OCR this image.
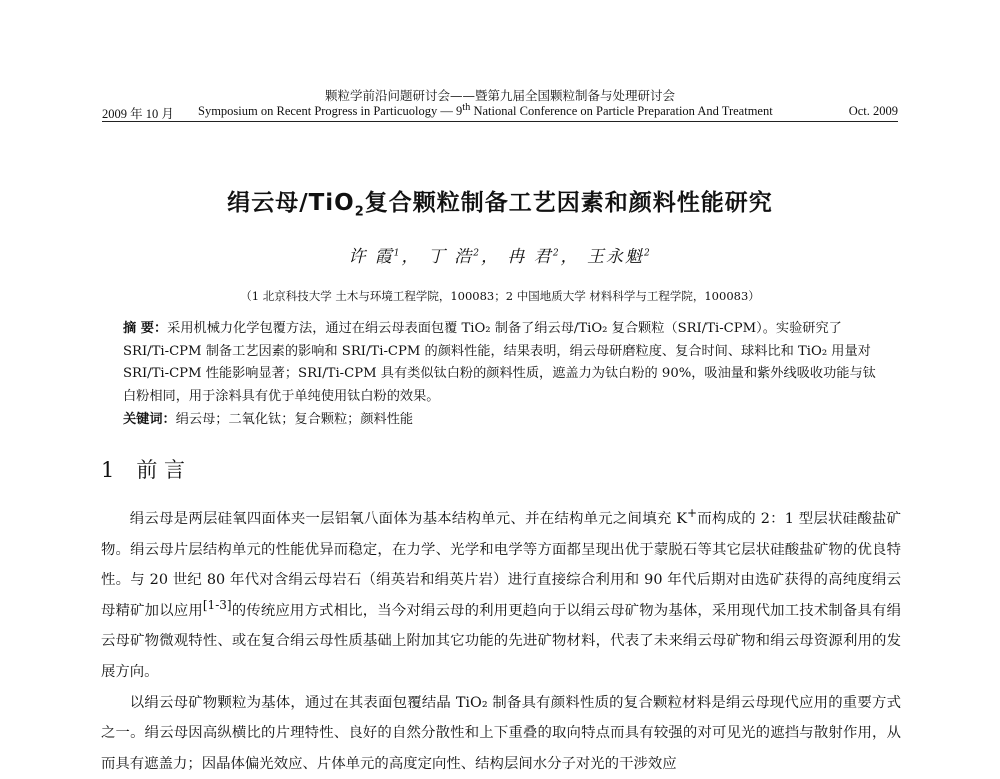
颗粒学前沿问题研讨会——暨第九届全国颗粒制备与处理研讨会
2009 年 10 月 Symposium on Recent Progress in Particuology — 9th National Conference on Particle Preparation And Treatment	Oct. 2009
绢云母/TiO$_2$复合颗粒制备工艺因素和颜料性能研究
许 霞$^1$， 丁 浩$^2$， 冉 君$^2$， 王永魁$^2$
（1 北京科技大学 土木与环境工程学院，100083；2 中国地质大学 材料科学与工程学院，100083）
摘 要：采用机械力化学包覆方法，通过在绢云母表面包覆 TiO₂ 制备了绢云母/TiO₂ 复合颗粒（SRI/Ti-CPM）。实验研究了 SRI/Ti-CPM 制备工艺因素的影响和 SRI/Ti-CPM 的颜料性能，结果表明，绢云母研磨粒度、复合时间、球料比和 TiO₂ 用量对 SRI/Ti-CPM 性能影响显著；SRI/Ti-CPM 具有类似钛白粉的颜料性质，遮盖力为钛白粉的 90%，吸油量和紫外线吸收功能与钛白粉相同，用于涂料具有优于单纯使用钛白粉的效果。
关键词：绢云母；二氧化钛；复合颗粒；颜料性能
1 前 言

绢云母是两层硅氧四面体夹一层铝氧八面体为基本结构单元、并在结构单元之间填充 K+而构成的 2：1 型层状硅酸盐矿物。绢云母片层结构单元的性能优异而稳定，在力学、光学和电学等方面都呈现出优于蒙脱石等其它层状硅酸盐矿物的优良特性。与 20 世纪 80 年代对含绢云母岩石（绢英岩和绢英片岩）进行直接综合利用和 90 年代后期对由选矿获得的高纯度绢云母精矿加以应用[1-3]的传统应用方式相比，当今对绢云母的利用更趋向于以绢云母矿物为基体，采用现代加工技术制备具有绢云母矿物微观特性、或在复合绢云母性质基础上附加其它功能的先进矿物材料，代表了未来绢云母矿物和绢云母资源利用的发展方向。

以绢云母矿物颗粒为基体，通过在其表面包覆结晶 TiO₂ 制备具有颜料性质的复合颗粒材料是绢云母现代应用的重要方式之一。绢云母因高纵横比的片理特性、良好的自然分散性和上下重叠的取向特点而具有较强的对可见光的遮挡与散射作用，从而具有遮盖力；因晶体偏光效应、片体单元的高度定向性、结构层间水分子对光的干涉效应
